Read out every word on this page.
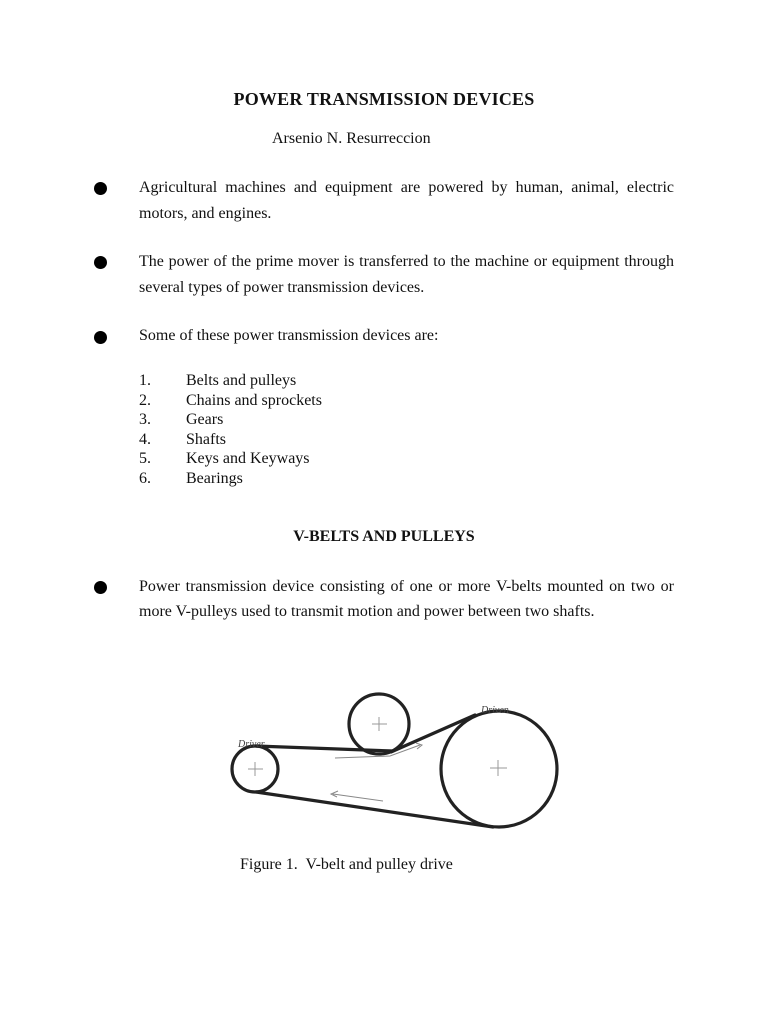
POWER TRANSMISSION DEVICES
Arsenio N. Resurreccion
Agricultural machines and equipment are powered by human, animal, electric motors, and engines.
The power of the prime mover is transferred to the machine or equipment through several types of power transmission devices.
Some of these power transmission devices are:
1.	Belts and pulleys
2.	Chains and sprockets
3.	Gears
4.	Shafts
5.	Keys and Keyways
6.	Bearings
V-BELTS AND PULLEYS
Power transmission device consisting of one or more V-belts mounted on two or more V-pulleys used to transmit motion and power between two shafts.
Driver
Driven
Figure 1.  V-belt and pulley drive
